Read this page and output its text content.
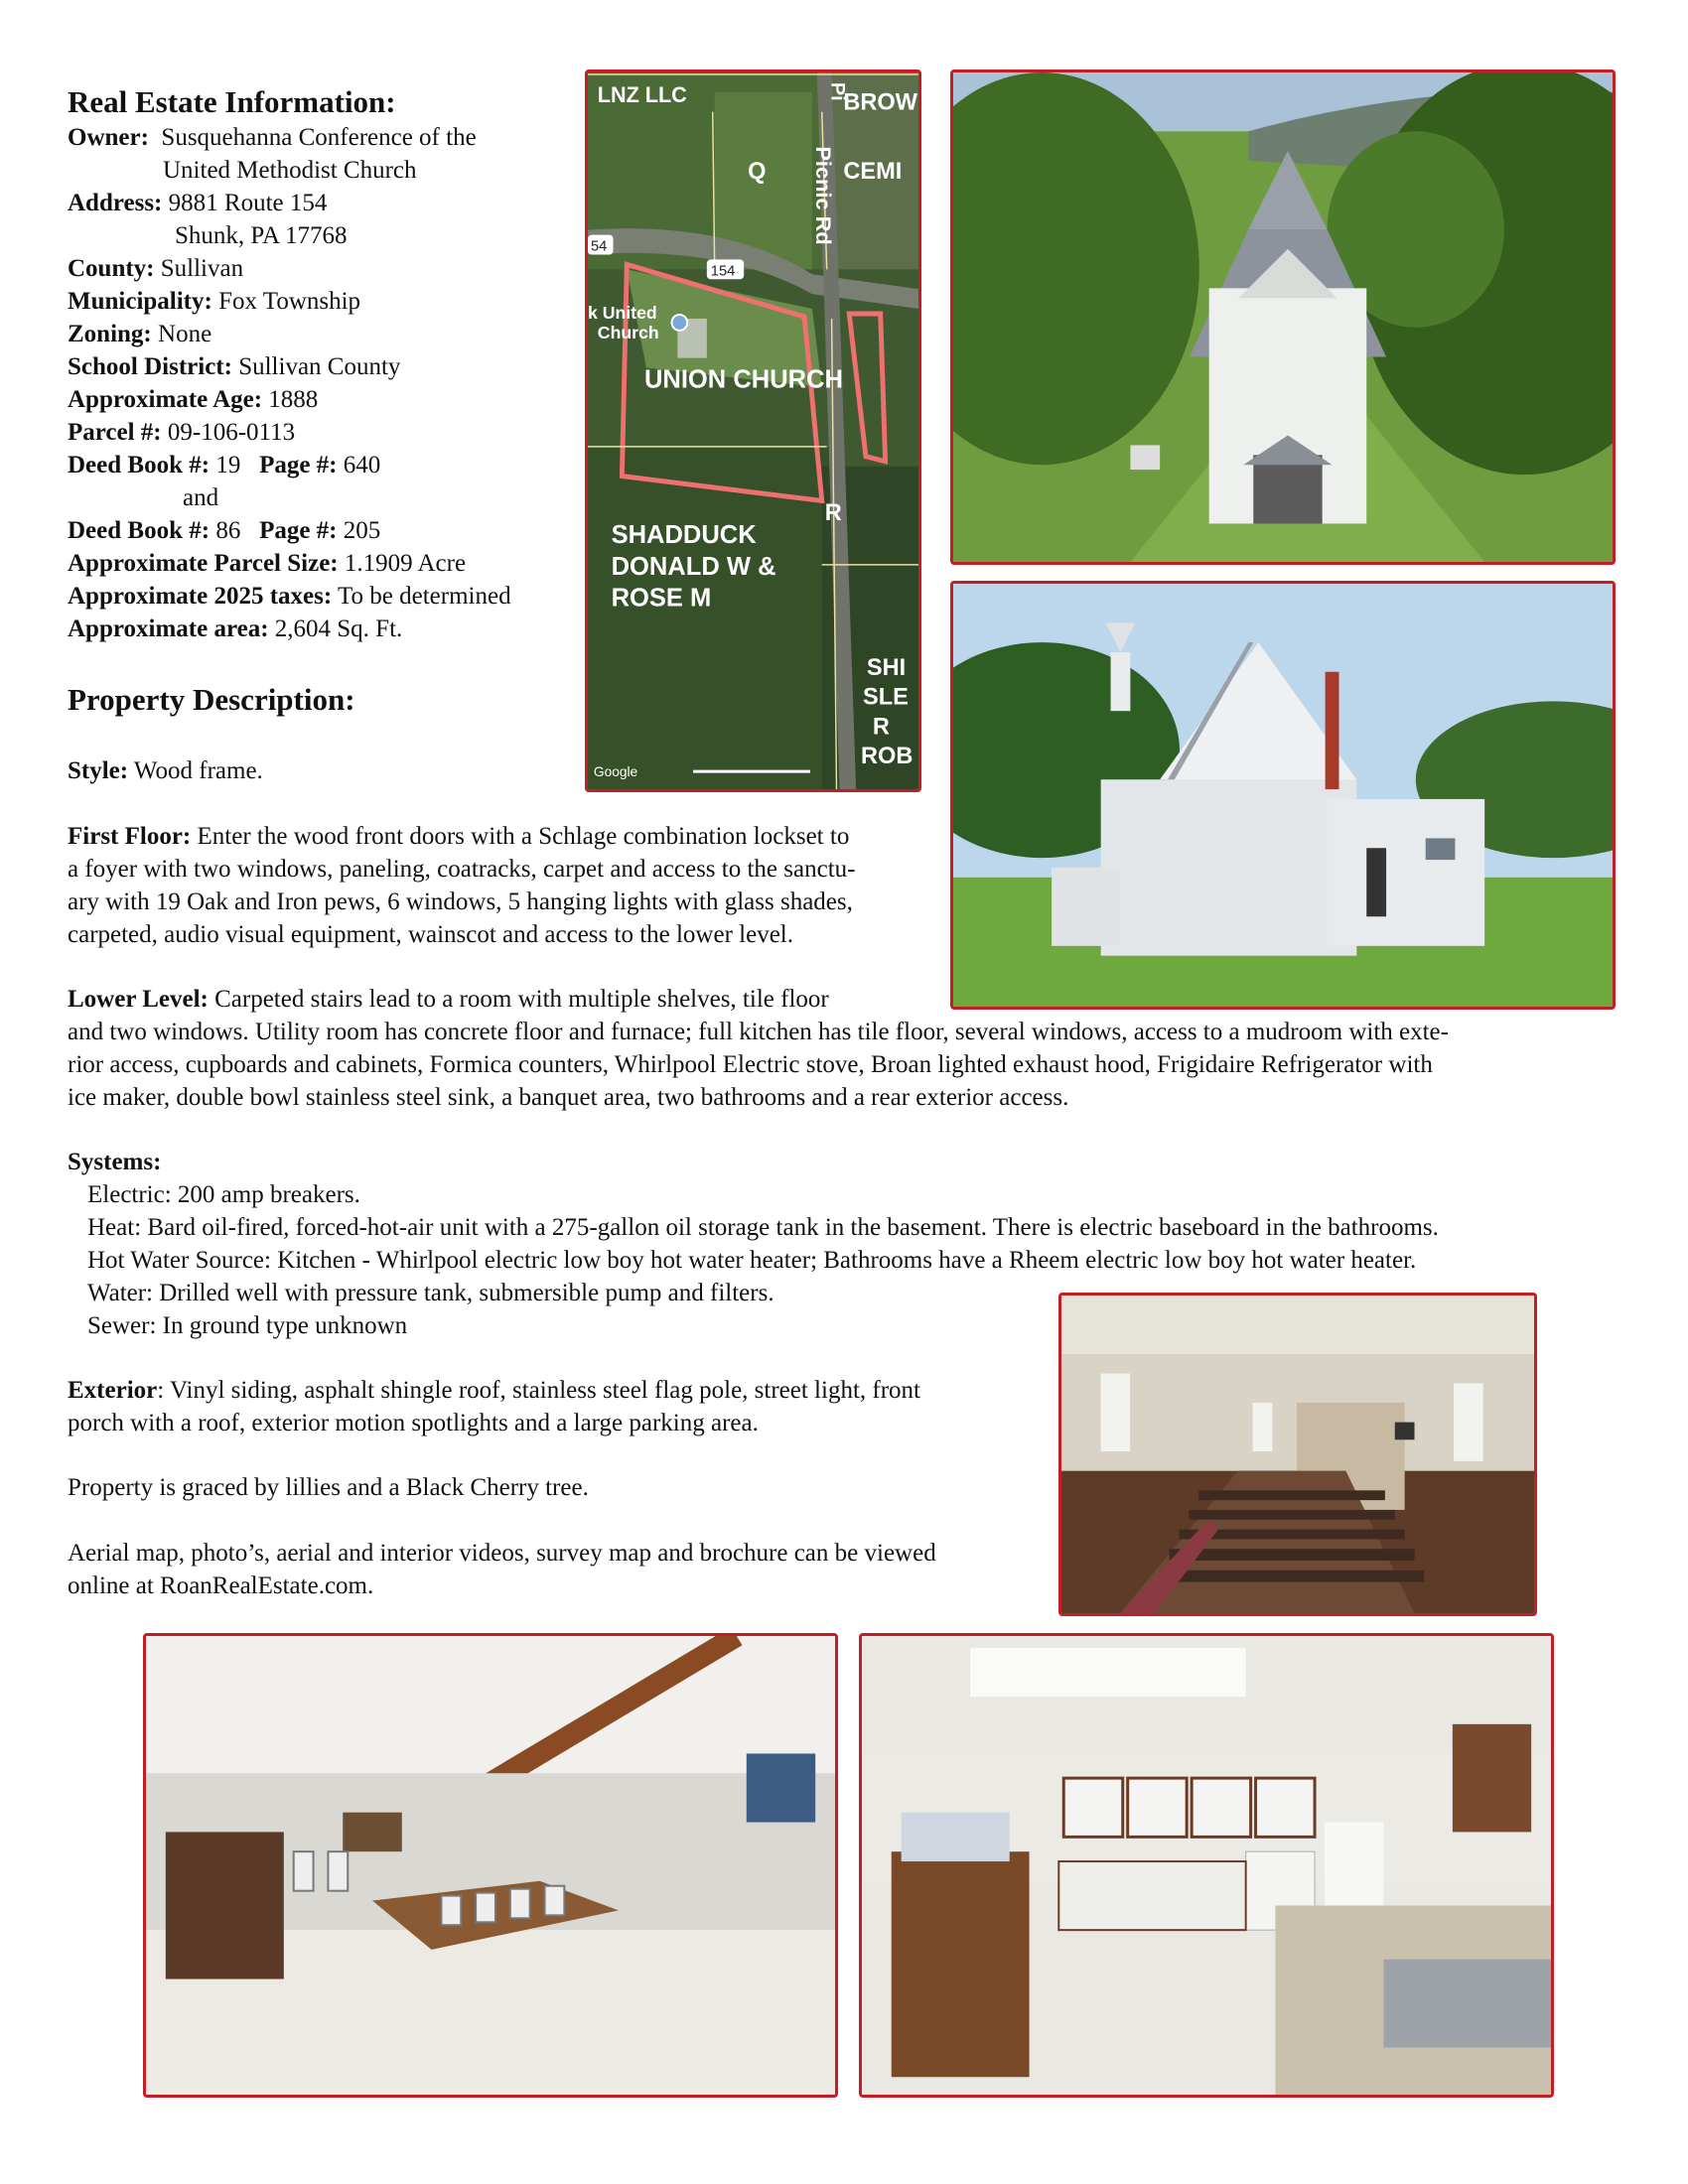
Real Estate Information:
Owner: Susquehanna Conference of the
United Methodist Church
Address: 9881 Route 154
Shunk, PA 17768
County: Sullivan
Municipality: Fox Township
Zoning: None
School District: Sullivan County
Approximate Age: 1888
Parcel #: 09-106-0113
Deed Book #: 19 Page #: 640
and
Deed Book #: 86 Page #: 205
Approximate Parcel Size: 1.1909 Acre
Approximate 2025 taxes: To be determined
Approximate area: 2,604 Sq. Ft.
Property Description:
Style: Wood frame.
First Floor: Enter the wood front doors with a Schlage combination lockset to
a foyer with two windows, paneling, coatracks, carpet and access to the sanctu-
ary with 19 Oak and Iron pews, 6 windows, 5 hanging lights with glass shades,
carpeted, audio visual equipment, wainscot and access to the lower level.
Lower Level: Carpeted stairs lead to a room with multiple shelves, tile floor
and two windows. Utility room has concrete floor and furnace; full kitchen has tile floor, several windows, access to a mudroom with exte-
rior access, cupboards and cabinets, Formica counters, Whirlpool Electric stove, Broan lighted exhaust hood, Frigidaire Refrigerator with
ice maker, double bowl stainless steel sink, a banquet area, two bathrooms and a rear exterior access.
Systems:
Electric: 200 amp breakers.
Heat: Bard oil-fired, forced-hot-air unit with a 275-gallon oil storage tank in the basement. There is electric baseboard in the bathrooms.
Hot Water Source: Kitchen - Whirlpool electric low boy hot water heater; Bathrooms have a Rheem electric low boy hot water heater.
Water: Drilled well with pressure tank, submersible pump and filters.
Sewer: In ground type unknown
Exterior: Vinyl siding, asphalt shingle roof, stainless steel flag pole, street light, front
porch with a roof, exterior motion spotlights and a large parking area.
Property is graced by lillies and a Black Cherry tree.
Aerial map, photo’s, aerial and interior videos, survey map and brochure can be viewed
online at RoanRealEstate.com.
54
154
LNZ LLC	BROW
Q	CEMI
Pi
Picnic Rd
k United
Church
UNION CHURCH
R
SHADDUCK
DONALD W &
ROSE M
SHI
SLE
R
ROB
Google
